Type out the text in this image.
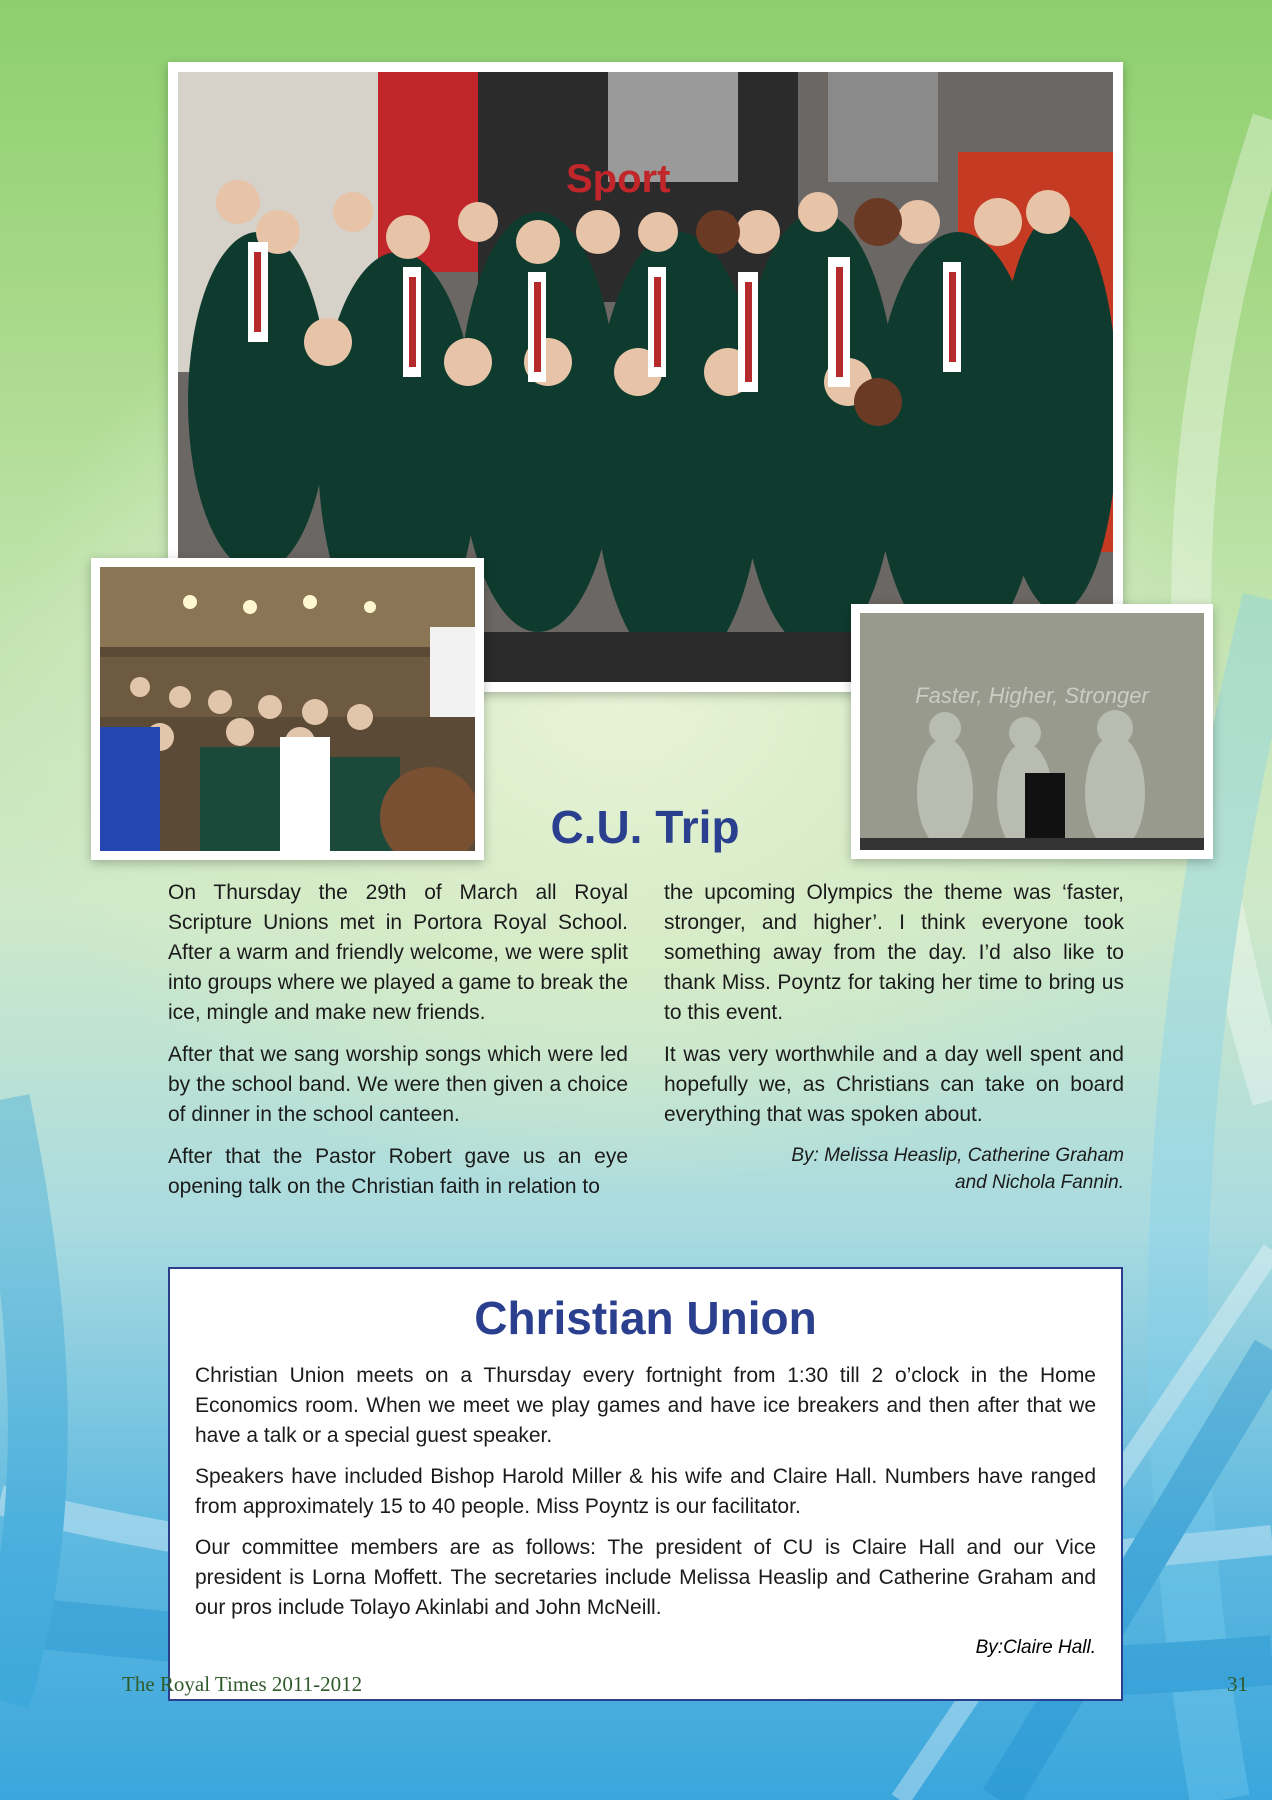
Sport
Faster, Higher, Stronger
C.U. Trip

On Thursday the 29th of March all Royal Scripture Unions met in Portora Royal School. After a warm and friendly welcome, we were split into groups where we played a game to break the ice, mingle and make new friends.

After that we sang worship songs which were led by the school band. We were then given a choice of dinner in the school canteen.

After that the Pastor Robert gave us an eye opening talk on the Christian faith in relation to

the upcoming Olympics the theme was ‘faster, stronger, and higher’. I think everyone took something away from the day. I’d also like to thank Miss. Poyntz for taking her time to bring us to this event.

It was very worthwhile and a day well spent and hopefully we, as Christians can take on board everything that was spoken about.

By: Melissa Heaslip, Catherine Graham
and Nichola Fannin.
Christian Union

Christian Union meets on a Thursday every fortnight from 1:30 till 2 o’clock in the Home Economics room. When we meet we play games and have ice breakers and then after that we have a talk or a special guest speaker.

Speakers have included Bishop Harold Miller & his wife and Claire Hall. Numbers have ranged from approximately 15 to 40 people. Miss Poyntz is our facilitator.

Our committee members are as follows: The president of CU is Claire Hall and our Vice president is Lorna Moffett. The secretaries include Melissa Heaslip and Catherine Graham and our pros include Tolayo Akinlabi and John McNeill.

By:Claire Hall.
The Royal Times 2011-2012	31
